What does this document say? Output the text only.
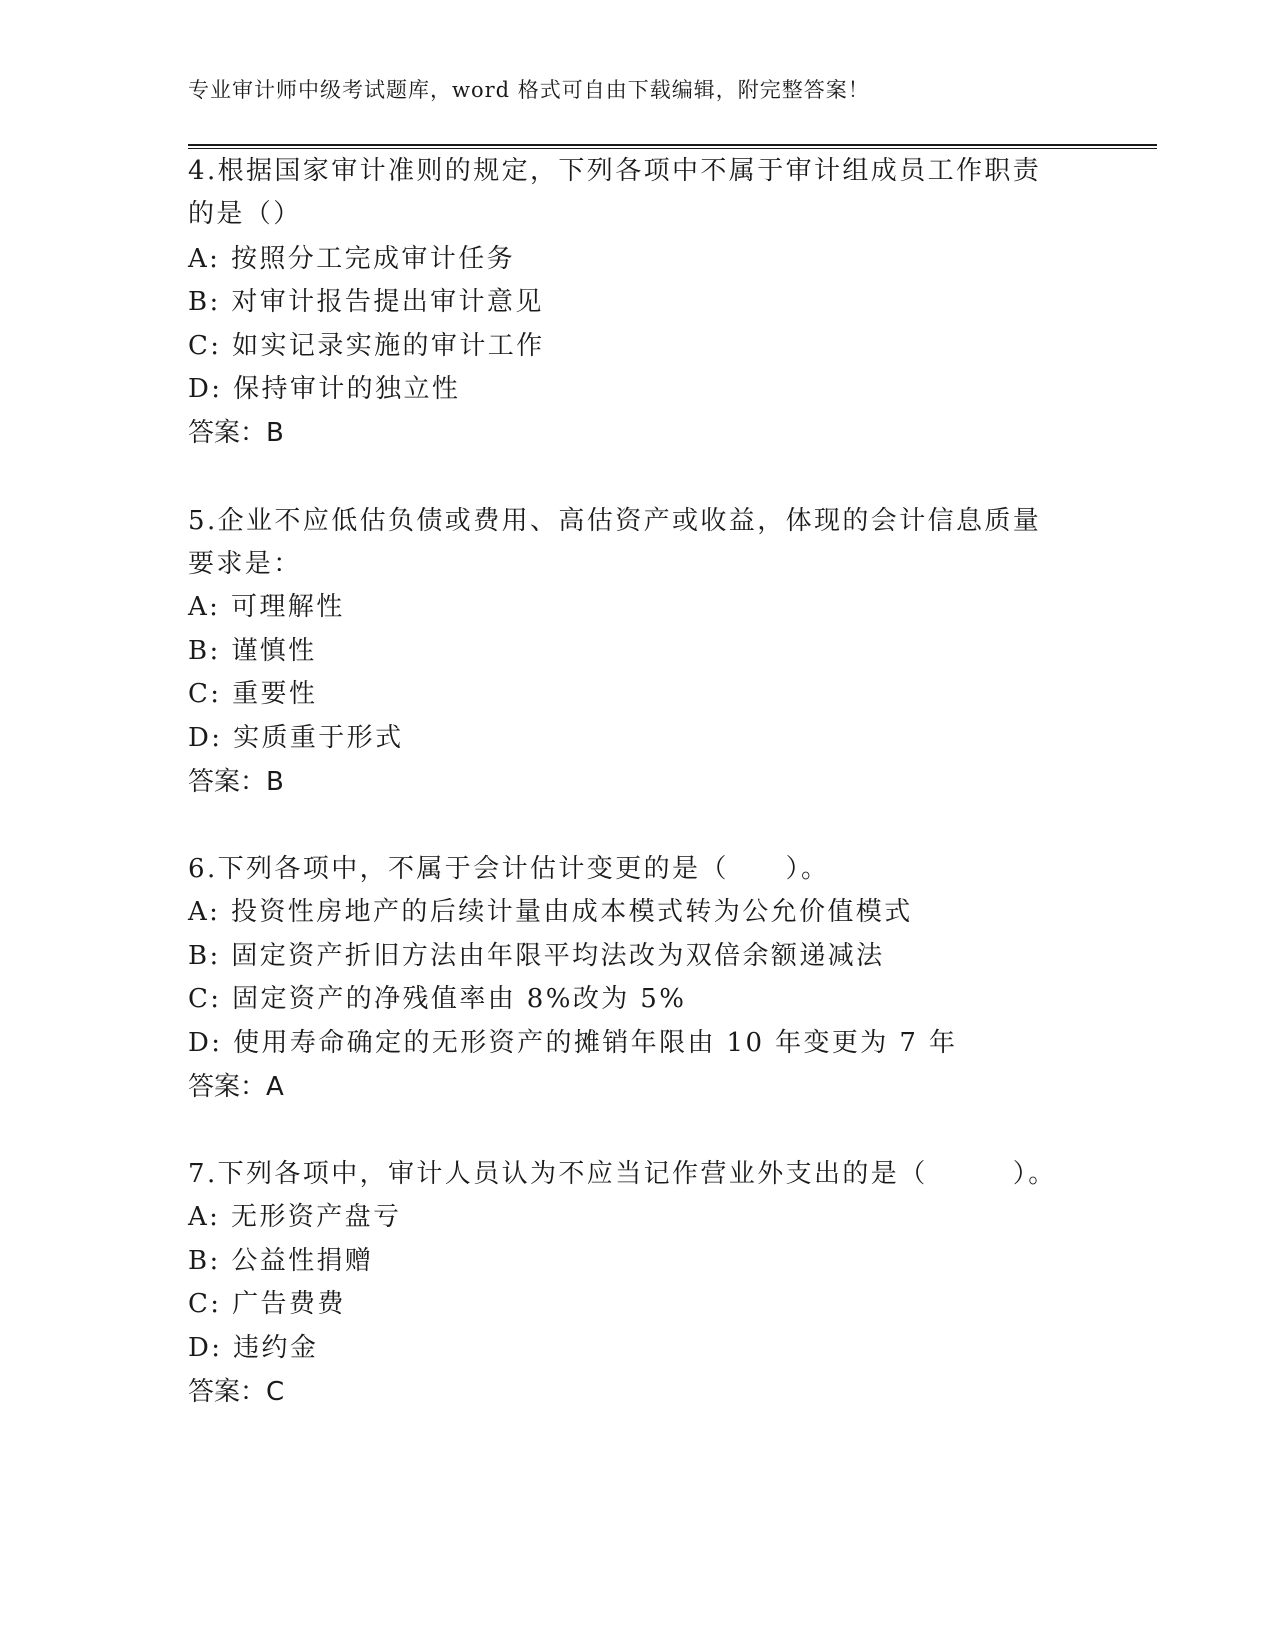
专业审计师中级考试题库，word 格式可自由下载编辑，附完整答案！
4.根据国家审计准则的规定，下列各项中不属于审计组成员工作职责
的是（）
A: 按照分工完成审计任务
B: 对审计报告提出审计意见
C: 如实记录实施的审计工作
D: 保持审计的独立性
答案：B
5.企业不应低估负债或费用、高估资产或收益，体现的会计信息质量
要求是：
A: 可理解性
B: 谨慎性
C: 重要性
D: 实质重于形式
答案：B
6.下列各项中，不属于会计估计变更的是（　　）。
A: 投资性房地产的后续计量由成本模式转为公允价值模式
B: 固定资产折旧方法由年限平均法改为双倍余额递减法
C: 固定资产的净残值率由 8%改为 5%
D: 使用寿命确定的无形资产的摊销年限由 10 年变更为 7 年
答案：A
7.下列各项中，审计人员认为不应当记作营业外支出的是（　　　）。
A: 无形资产盘亏
B: 公益性捐赠
C: 广告费费
D: 违约金
答案：C
